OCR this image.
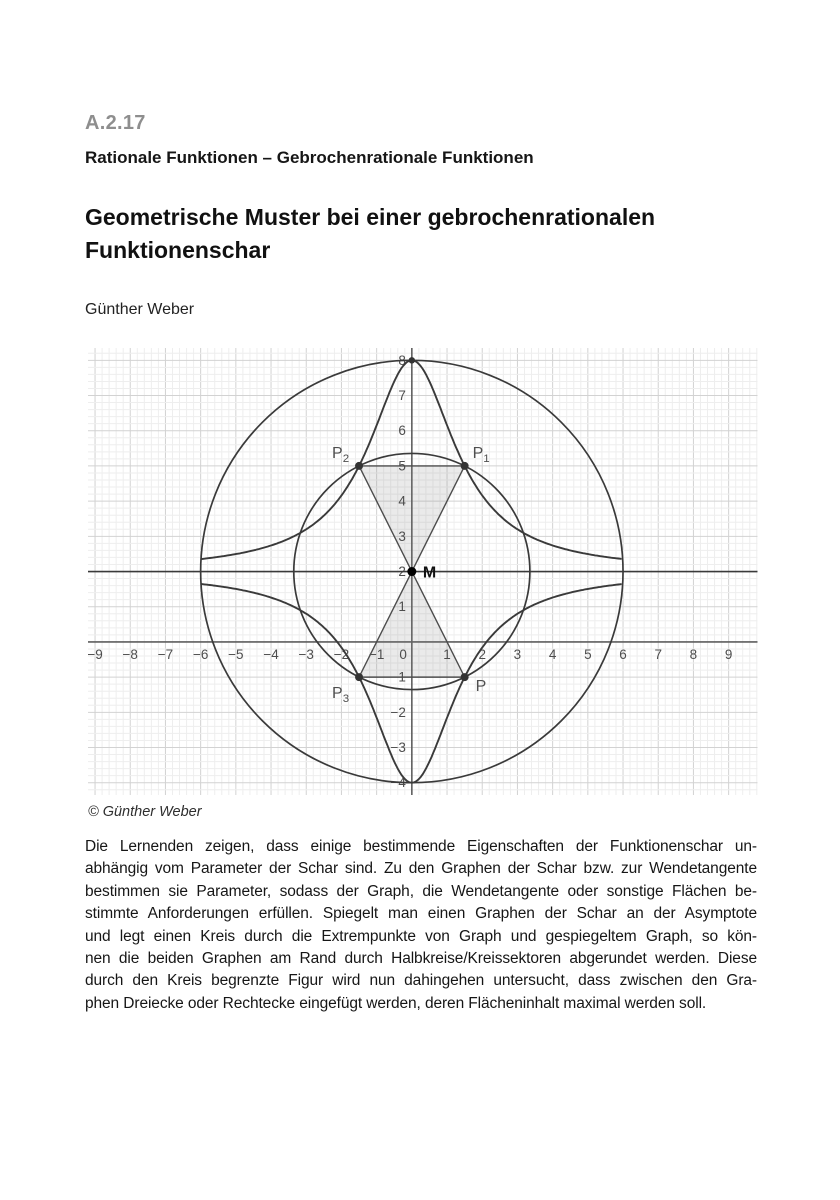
A.2.17
Rationale Funktionen – Gebrochenrationale Funktionen
Geometrische Muster bei einer gebrochenrationalen
Funktionenschar
Günther Weber
−9 −8 −7 −6 −5 −4 −3 −2 −1 0	1 2 3 4 5 6 7 8 9
−4
−3
−2
−1
1
2
3
4
5
6
7
8
$P_1$
$P_2$
$P_3$
P
M
© Günther Weber
Die Lernenden zeigen, dass einige bestimmende Eigenschaften der Funktionenschar un-
abhängig vom Parameter der Schar sind. Zu den Graphen der Schar bzw. zur Wendetangente
bestimmen sie Parameter, sodass der Graph, die Wendetangente oder sonstige Flächen be-
stimmte Anforderungen erfüllen. Spiegelt man einen Graphen der Schar an der Asymptote
und legt einen Kreis durch die Extrempunkte von Graph und gespiegeltem Graph, so kön-
nen die beiden Graphen am Rand durch Halbkreise/Kreissektoren abgerundet werden. Diese
durch den Kreis begrenzte Figur wird nun dahingehen untersucht, dass zwischen den Gra-
phen Dreiecke oder Rechtecke eingefügt werden, deren Flächeninhalt maximal werden soll.
